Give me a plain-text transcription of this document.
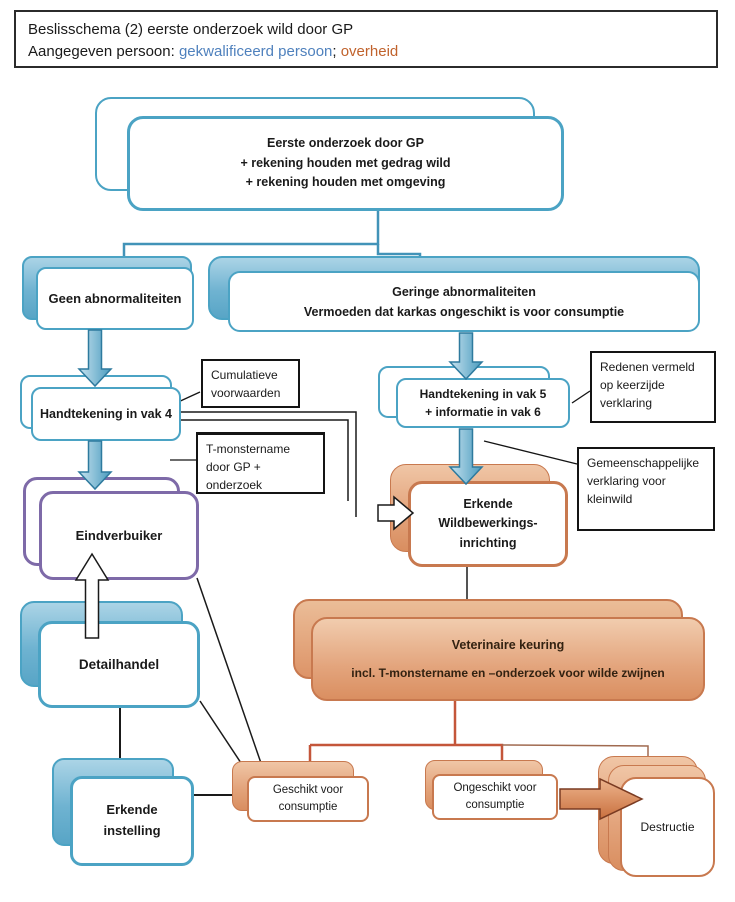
Beslisschema (2) eerste onderzoek wild door GP
Aangegeven persoon: gekwalificeerd persoon; overheid
Eerste onderzoek door GP
+ rekening houden met gedrag wild
+ rekening houden met omgeving
Geen abnormaliteiten	Geringe abnormaliteiten
Vermoeden dat karkas ongeschikt is voor consumptie
Handtekening in vak 4
Handtekening in vak 5
+ informatie in vak 6
Eindverbuiker
Detailhandel
Erkende
instelling
Erkende
Wildbewerkings-
inrichting
Veterinaire keuring
incl. T-monstername en –onderzoek voor wilde zwijnen
Geschikt voor
consumptie
Ongeschikt voor
consumptie
Destructie
Cumulatieve
voorwaarden
T-monstername
door GP +
onderzoek
Redenen vermeld
op keerzijde
verklaring
Gemeenschappelijke
verklaring voor
kleinwild
